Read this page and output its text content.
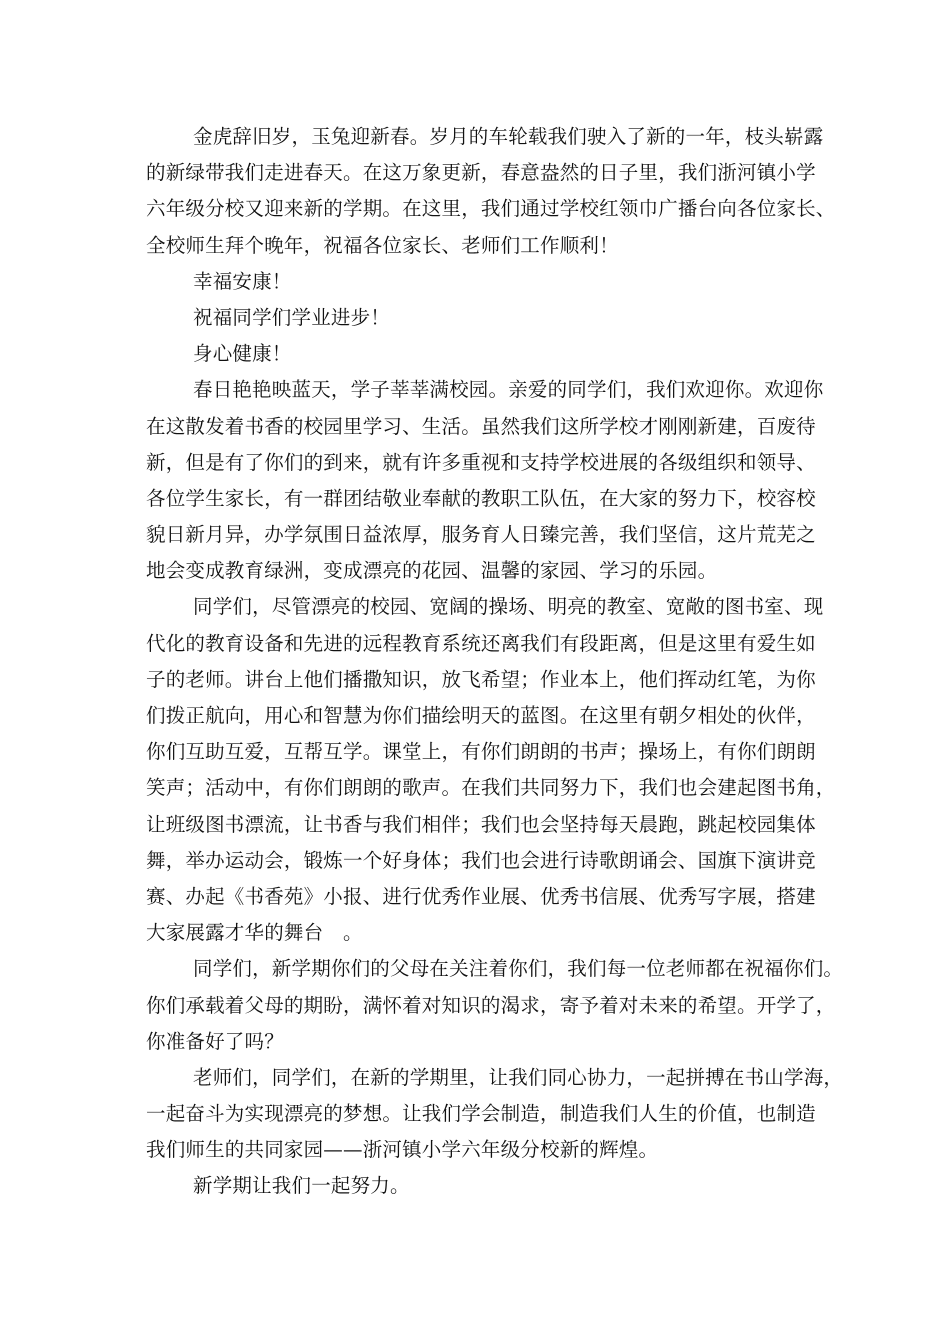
金虎辞旧岁，玉兔迎新春。岁月的车轮载我们驶入了新的一年，枝头崭露
的新绿带我们走进春天。在这万象更新，春意盎然的日子里，我们浙河镇小学
六年级分校又迎来新的学期。在这里，我们通过学校红领巾广播台向各位家长、
全校师生拜个晚年，祝福各位家长、老师们工作顺利！
幸福安康！
祝福同学们学业进步！
身心健康！
春日艳艳映蓝天，学子莘莘满校园。亲爱的同学们，我们欢迎你。欢迎你
在这散发着书香的校园里学习、生活。虽然我们这所学校才刚刚新建，百废待
新，但是有了你们的到来，就有许多重视和支持学校进展的各级组织和领导、
各位学生家长，有一群团结敬业奉献的教职工队伍，在大家的努力下，校容校
貌日新月异，办学氛围日益浓厚，服务育人日臻完善，我们坚信，这片荒芜之
地会变成教育绿洲，变成漂亮的花园、温馨的家园、学习的乐园。
同学们，尽管漂亮的校园、宽阔的操场、明亮的教室、宽敞的图书室、现
代化的教育设备和先进的远程教育系统还离我们有段距离，但是这里有爱生如
子的老师。讲台上他们播撒知识，放飞希望；作业本上，他们挥动红笔，为你
们拨正航向，用心和智慧为你们描绘明天的蓝图。在这里有朝夕相处的伙伴，
你们互助互爱，互帮互学。课堂上，有你们朗朗的书声；操场上，有你们朗朗
笑声；活动中，有你们朗朗的歌声。在我们共同努力下，我们也会建起图书角，
让班级图书漂流，让书香与我们相伴；我们也会坚持每天晨跑，跳起校园集体
舞，举办运动会，锻炼一个好身体；我们也会进行诗歌朗诵会、国旗下演讲竞
赛、办起《书香苑》小报、进行优秀作业展、优秀书信展、优秀写字展，搭建
大家展露才华的舞台　。
同学们，新学期你们的父母在关注着你们，我们每一位老师都在祝福你们。
你们承载着父母的期盼，满怀着对知识的渴求，寄予着对未来的希望。开学了，
你准备好了吗？
老师们，同学们，在新的学期里，让我们同心协力，一起拼搏在书山学海，
一起奋斗为实现漂亮的梦想。让我们学会制造，制造我们人生的价值，也制造
我们师生的共同家园——浙河镇小学六年级分校新的辉煌。
新学期让我们一起努力。
